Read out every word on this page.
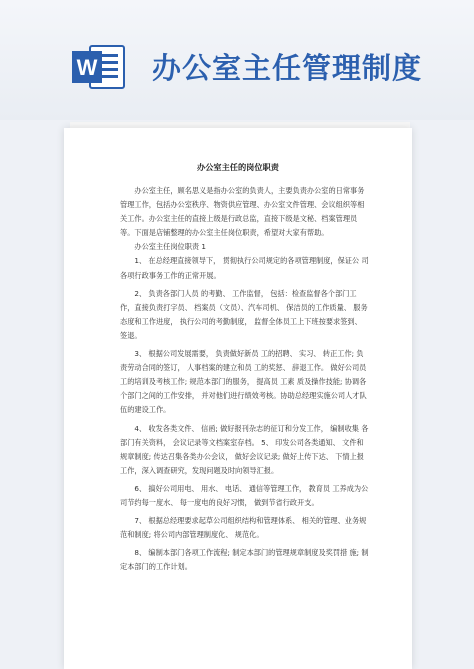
W 办公室主任管理制度
办公室主任的岗位职责

办公室主任，顾名思义是指办公室的负责人，主要负责办公室的日常事务管理工作，包括办公室秩序、物资供应管理、办公室文件管理、会议组织等相关工作。办公室主任的直接上级是行政总监，直接下级是文秘、档案管理员等。下面是店铺整理的办公室主任岗位职责，希望对大家有帮助。

办公室主任岗位职责 1

1、 在总经理直接领导下， 贯彻执行公司规定的各项管理制度，保证公 司各项行政事务工作的正常开展。

2、 负责各部门人员 的考勤、 工作监督， 包括：检查监督各个部门工作，直接负责打字员、 档案员（文员）、汽车司机、 保洁员的工作质量、 服务态度和工作进度， 执行公司的考勤制度， 监督全体员工上下班按要求签到、 签退。

3、 根据公司发展需要， 负责做好新员 工的招聘、 实习、 转正工作; 负 责劳动合同的签订， 人事档案的建立和员 工的奖惩、 辞退工作。 做好公司员 工的培训及考核工作; 规范本部门的服务， 提高员 工素 质及操作技能; 协调各个部门之间的工作安排， 并对他们进行绩效考核。协助总经理实施公司人才队伍的建设工作。

4、 收发各类文件、 信函; 做好报刊杂志的征订和分发工作， 编制收集 各部门有关资料， 会议记录等文档案室存档。 5、 印发公司各类通知、 文件和规章制度; 传达召集各类办公会议， 做好会议记录; 做好上传下达、 下情上报工作，深入调查研究，发现问题及时向领导汇报。

6、 搞好公司用电、 用水、 电话、 通信等管理工作， 教育员 工养成为公 司节约每一度水、 每一度电的良好习惯， 做到节省行政开支。

7、 根据总经理要求起草公司组织结构和管理体系、 相关的管理、业务规范和制度; 将公司内部管理制度化、 规范化。

8、 编制本部门各项工作流程; 制定本部门的管理规章制度及奖罚措 施; 制定本部门的工作计划。
